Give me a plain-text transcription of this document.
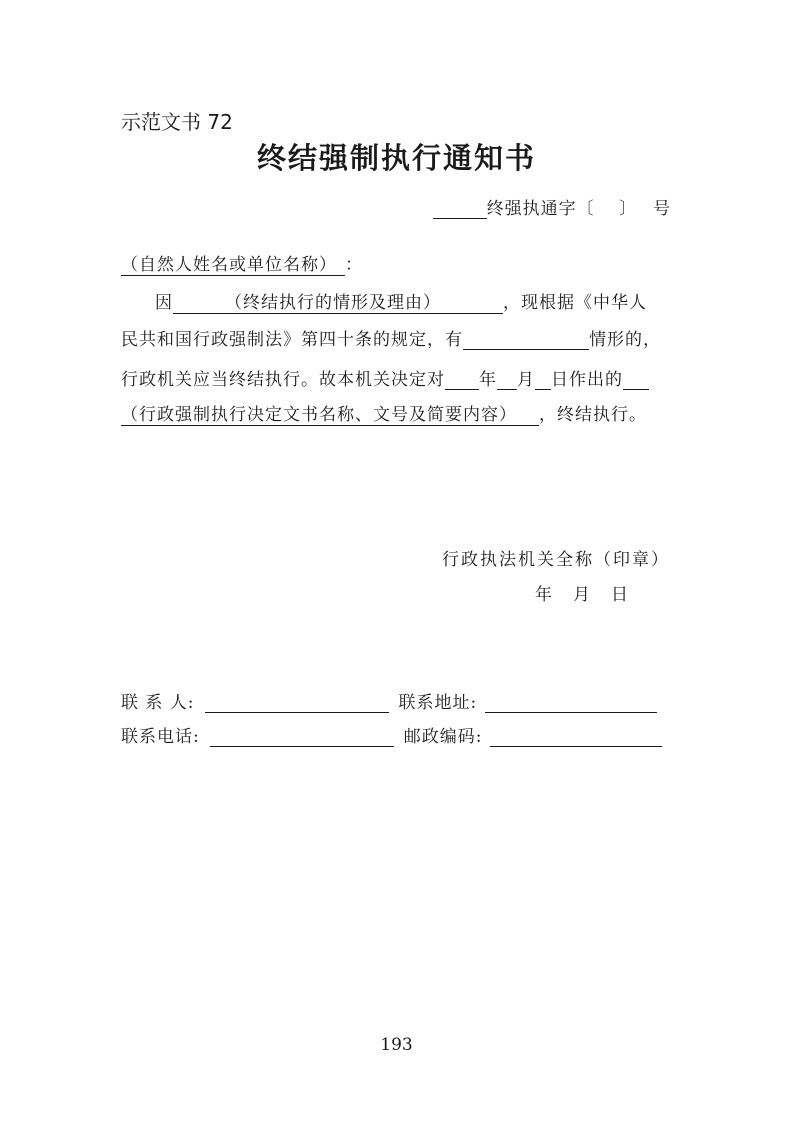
示范文书 72
终结强制执行通知书
终强执通字〔　 〕　 号
（自然人姓名或单位名称） ：
因	（终结执行的情形及理由）	，现根据《中华人
民共和国行政强制法》第四十条的规定，有	情形的，
行政机关应当终结执行。故本机关决定对 年 月 日作出的
（行政强制执行决定文书名称、文号及简要内容） ，终结执行。
行政执法机关全称（印章）
年　月　日
联 系 人:	联系地址:
联系电话:	邮政编码:
193
